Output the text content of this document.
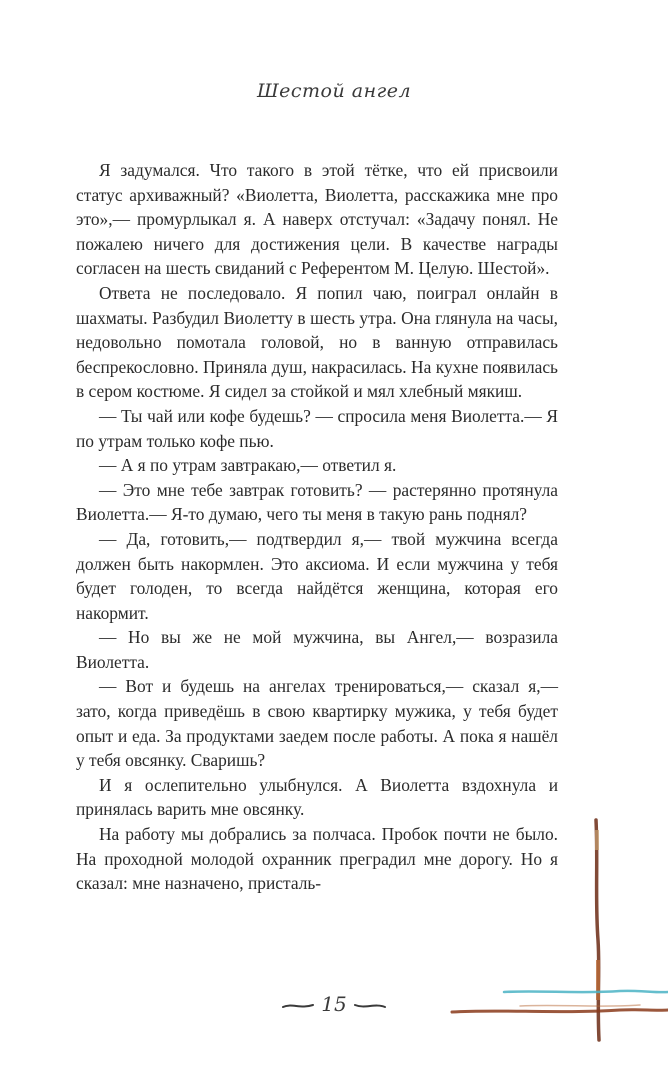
Шестой ангел

Я задумался. Что такого в этой тётке, что ей присвоили статус архиважный? «Виолетта, Виолетта, расскажика мне про это»,— промурлыкал я. А наверх отстучал: «Задачу понял. Не пожалею ничего для достижения цели. В качестве награды согласен на шесть свиданий с Референтом М. Целую. Шестой».

Ответа не последовало. Я попил чаю, поиграл онлайн в шахматы. Разбудил Виолетту в шесть утра. Она глянула на часы, недовольно помотала головой, но в ванную отправилась беспрекословно. Приняла душ, накрасилась. На кухне появилась в сером костюме. Я сидел за стойкой и мял хлебный мякиш.

— Ты чай или кофе будешь? — спросила меня Виолетта.— Я по утрам только кофе пью.

— А я по утрам завтракаю,— ответил я.

— Это мне тебе завтрак готовить? — растерянно протянула Виолетта.— Я-то думаю, чего ты меня в такую рань поднял?

— Да, готовить,— подтвердил я,— твой мужчина всегда должен быть накормлен. Это аксиома. И если мужчина у тебя будет голоден, то всегда найдётся женщина, которая его накормит.

— Но вы же не мой мужчина, вы Ангел,— возразила Виолетта.

— Вот и будешь на ангелах тренироваться,— сказал я,— зато, когда приведёшь в свою квартирку мужика, у тебя будет опыт и еда. За продуктами заедем после работы. А пока я нашёл у тебя овсянку. Сваришь?

И я ослепительно улыбнулся. А Виолетта вздохнула и принялась варить мне овсянку.

На работу мы добрались за полчаса. Пробок почти не было. На проходной молодой охранник преградил мне дорогу. Но я сказал: мне назначено, присталь-

15
